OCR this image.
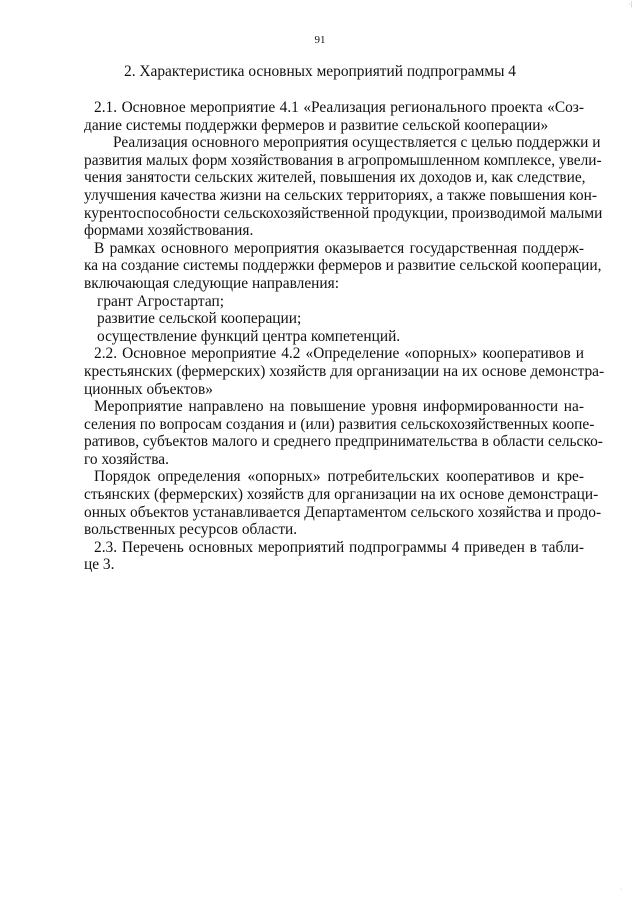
91
2. Характеристика основных мероприятий подпрограммы 4
2.1. Основное мероприятие 4.1 «Реализация регионального проекта «Соз-
дание системы поддержки фермеров и развитие сельской кооперации»
Реализация основного мероприятия осуществляется с целью поддержки и
развития малых форм хозяйствования в агропромышленном комплексе, увели-
чения занятости сельских жителей, повышения их доходов и, как следствие,
улучшения качества жизни на сельских территориях, а также повышения кон-
курентоспособности сельскохозяйственной продукции, производимой малыми
формами хозяйствования.
В рамках основного мероприятия оказывается государственная поддерж-
ка на создание системы поддержки фермеров и развитие сельской кооперации,
включающая следующие направления:
грант Агростартап;
развитие сельской кооперации;
осуществление функций центра компетенций.
2.2. Основное мероприятие 4.2 «Определение «опорных» кооперативов и
крестьянских (фермерских) хозяйств для организации на их основе демонстра-
ционных объектов»
Мероприятие направлено на повышение уровня информированности на-
селения по вопросам создания и (или) развития сельскохозяйственных коопе-
ративов, субъектов малого и среднего предпринимательства в области сельско-
го хозяйства.
Порядок определения «опорных» потребительских кооперативов и кре-
стьянских (фермерских) хозяйств для организации на их основе демонстраци-
онных объектов устанавливается Департаментом сельского хозяйства и продо-
вольственных ресурсов области.
2.3. Перечень основных мероприятий подпрограммы 4 приведен в табли-
це 3.
·|
·
